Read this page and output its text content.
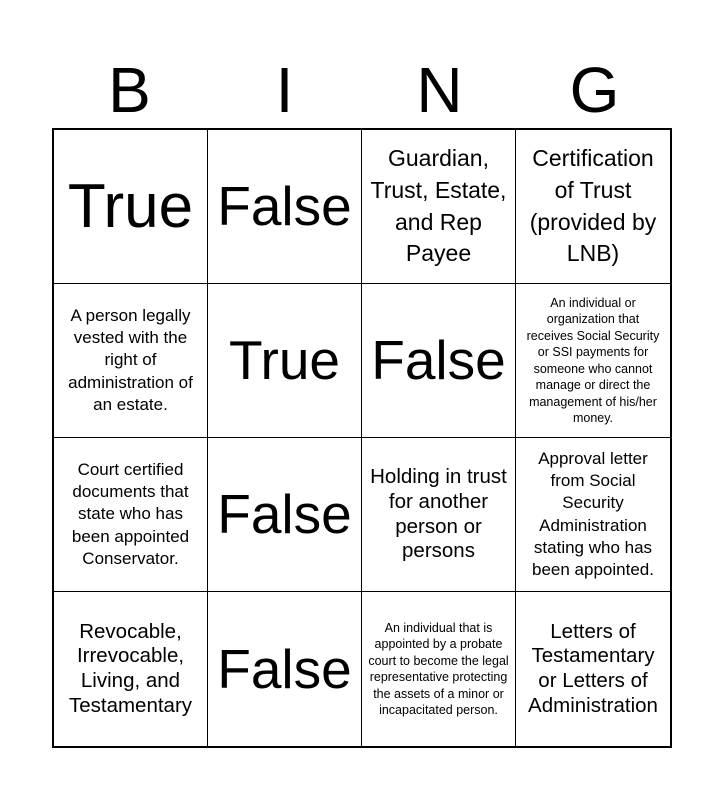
B	I	N	G
True False
Guardian, Trust, Estate, and Rep Payee
Certification of Trust (provided by LNB)
A person legally vested with the right of administration of an estate.
True False
An individual or organization that receives Social Security or SSI payments for someone who cannot manage or direct the management of his/her money.
Court certified documents that state who has been appointed Conservator.
False
Holding in trust for another person or persons
Approval letter from Social Security Administration stating who has been appointed.
Revocable, Irrevocable, Living, and Testamentary
False
An individual that is appointed by a probate court to become the legal representative protecting the assets of a minor or incapacitated person.
Letters of Testamentary or Letters of Administration
